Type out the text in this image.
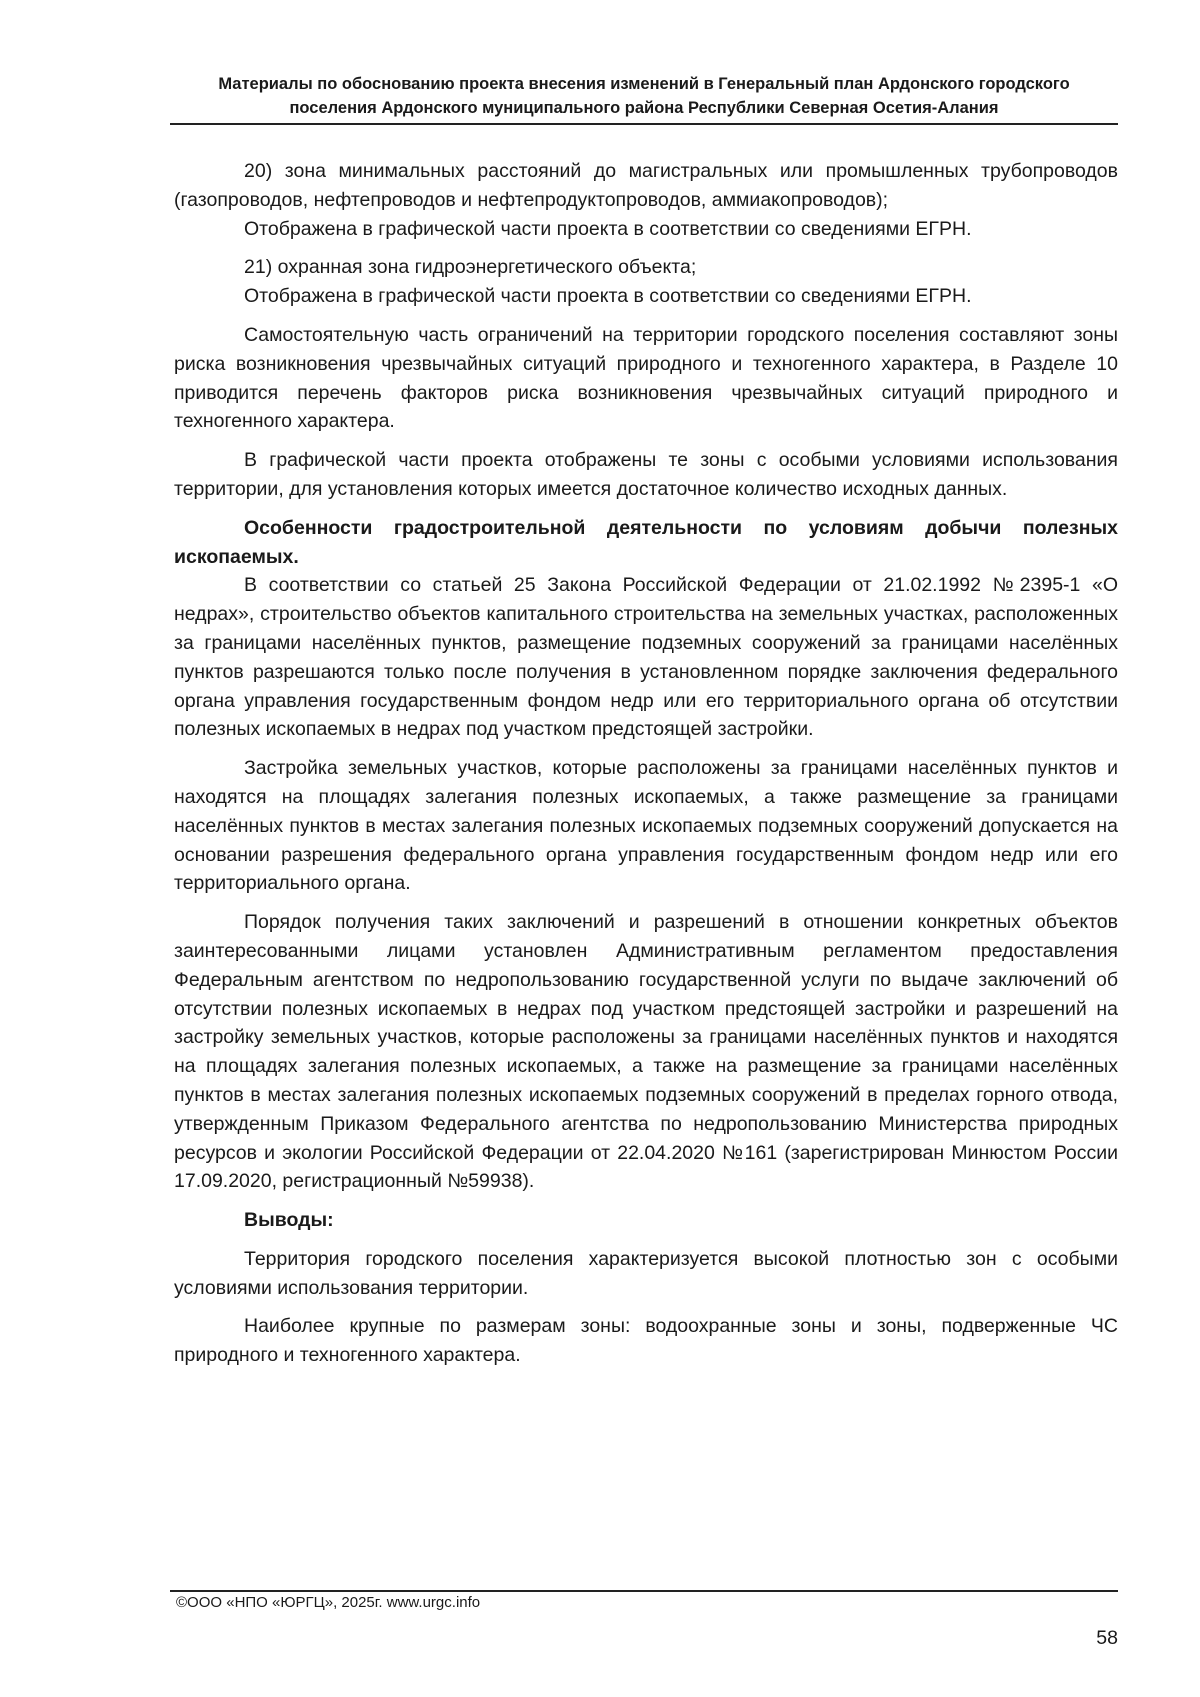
Материалы по обоснованию проекта внесения изменений в Генеральный план Ардонского городского
поселения Ардонского муниципального района Республики Северная Осетия-Алания

20) зона минимальных расстояний до магистральных или промышленных трубопроводов (газопроводов, нефтепроводов и нефтепродуктопроводов, аммиакопроводов);

Отображена в графической части проекта в соответствии со сведениями ЕГРН.

21) охранная зона гидроэнергетического объекта;

Отображена в графической части проекта в соответствии со сведениями ЕГРН.

Самостоятельную часть ограничений на территории городского поселения составляют зоны риска возникновения чрезвычайных ситуаций природного и техногенного характера, в Разделе 10 приводится перечень факторов риска возникновения чрезвычайных ситуаций природного и техногенного характера.

В графической части проекта отображены те зоны с особыми условиями использования территории, для установления которых имеется достаточное количество исходных данных.

Особенности градостроительной деятельности по условиям добычи полезных ископаемых.

В соответствии со статьей 25 Закона Российской Федерации от 21.02.1992 №2395-1 «О недрах», строительство объектов капитального строительства на земельных участках, расположенных за границами населённых пунктов, размещение подземных сооружений за границами населённых пунктов разрешаются только после получения в установленном порядке заключения федерального органа управления государственным фондом недр или его территориального органа об отсутствии полезных ископаемых в недрах под участком предстоящей застройки.

Застройка земельных участков, которые расположены за границами населённых пунктов и находятся на площадях залегания полезных ископаемых, а также размещение за границами населённых пунктов в местах залегания полезных ископаемых подземных сооружений допускается на основании разрешения федерального органа управления государственным фондом недр или его территориального органа.

Порядок получения таких заключений и разрешений в отношении конкретных объектов заинтересованными лицами установлен Административным регламентом предоставления Федеральным агентством по недропользованию государственной услуги по выдаче заключений об отсутствии полезных ископаемых в недрах под участком предстоящей застройки и разрешений на застройку земельных участков, которые расположены за границами населённых пунктов и находятся на площадях залегания полезных ископаемых, а также на размещение за границами населённых пунктов в местах залегания полезных ископаемых подземных сооружений в пределах горного отвода, утвержденным Приказом Федерального агентства по недропользованию Министерства природных ресурсов и экологии Российской Федерации от 22.04.2020 №161 (зарегистрирован Минюстом России 17.09.2020, регистрационный №59938).

Выводы:

Территория городского поселения характеризуется высокой плотностью зон с особыми условиями использования территории.

Наиболее крупные по размерам зоны: водоохранные зоны и зоны, подверженные ЧС природного и техногенного характера.

©ООО «НПО «ЮРГЦ», 2025г. www.urgc.info
58
